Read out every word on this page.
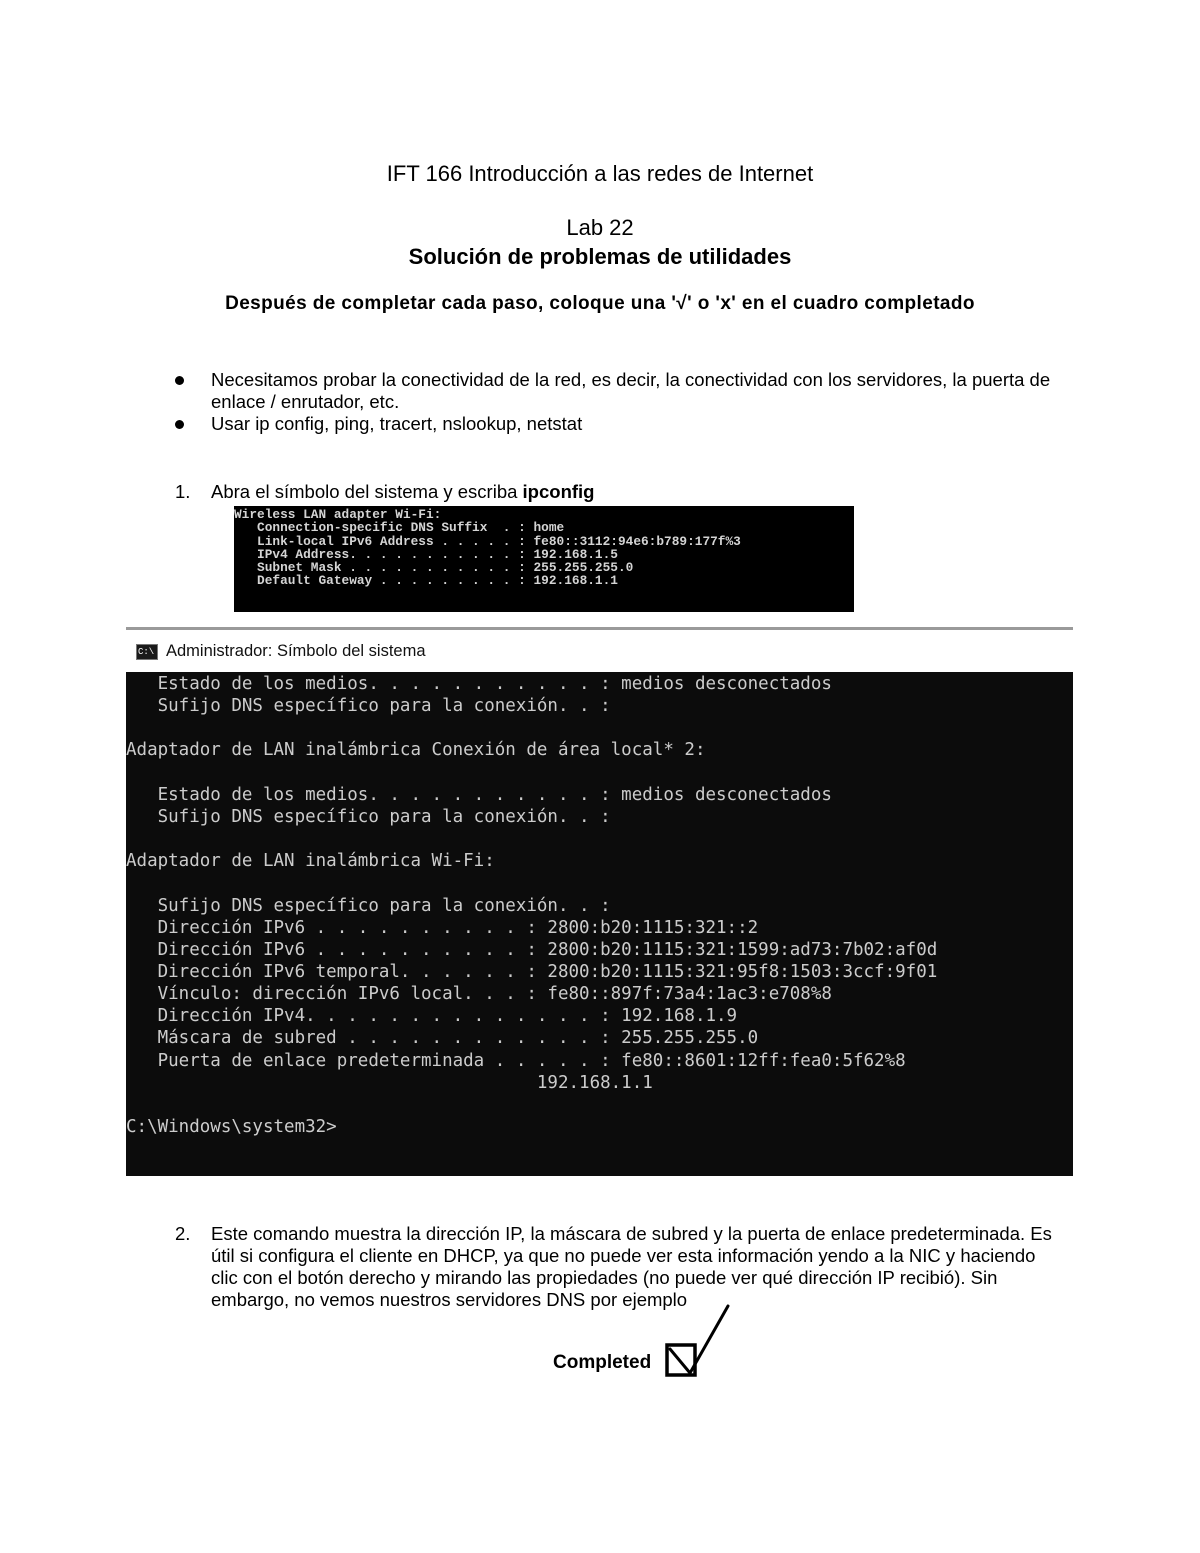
IFT 166 Introducción a las redes de Internet
Lab 22
Solución de problemas de utilidades
Después de completar cada paso, coloque una '√' o 'x' en el cuadro completado
Necesitamos probar la conectividad de la red, es decir, la conectividad con los servidores, la puerta de
enlace / enrutador, etc.
Usar ip config, ping, tracert, nslookup, netstat
1. Abra el símbolo del sistema y escriba ipconfig
Wireless LAN adapter Wi-Fi:
Connection-specific DNS Suffix  . : home
Link-local IPv6 Address . . . . . : fe80::3112:94e6:b789:177f%3
IPv4 Address. . . . . . . . . . . : 192.168.1.5
Subnet Mask . . . . . . . . . . . : 255.255.255.0
Default Gateway . . . . . . . . . : 192.168.1.1
C:\ Administrador: Símbolo del sistema
Estado de los medios. . . . . . . . . . . : medios desconectados
Sufijo DNS específico para la conexión. . :
Adaptador de LAN inalámbrica Conexión de área local* 2:
Estado de los medios. . . . . . . . . . . : medios desconectados
Sufijo DNS específico para la conexión. . :
Adaptador de LAN inalámbrica Wi-Fi:
Sufijo DNS específico para la conexión. . :
Dirección IPv6 . . . . . . . . . . : 2800:b20:1115:321::2
Dirección IPv6 . . . . . . . . . . : 2800:b20:1115:321:1599:ad73:7b02:af0d
Dirección IPv6 temporal. . . . . . : 2800:b20:1115:321:95f8:1503:3ccf:9f01
Vínculo: dirección IPv6 local. . . : fe80::897f:73a4:1ac3:e708%8
Dirección IPv4. . . . . . . . . . . . . . : 192.168.1.9
Máscara de subred . . . . . . . . . . . . : 255.255.255.0
Puerta de enlace predeterminada . . . . . : fe80::8601:12ff:fea0:5f62%8
192.168.1.1
C:\Windows\system32>
2. Este comando muestra la dirección IP, la máscara de subred y la puerta de enlace predeterminada. Es
útil si configura el cliente en DHCP, ya que no puede ver esta información yendo a la NIC y haciendo
clic con el botón derecho y mirando las propiedades (no puede ver qué dirección IP recibió). Sin
embargo, no vemos nuestros servidores DNS por ejemplo
Completed
